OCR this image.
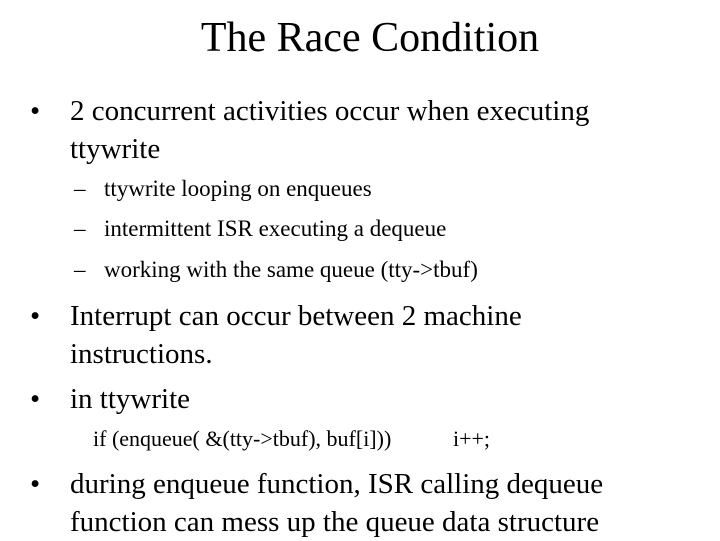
The Race Condition
•	2 concurrent activities occur when executing
ttywrite
– ttywrite looping on enqueues
– intermittent ISR executing a dequeue
– working with the same queue (tty->tbuf)
•	Interrupt can occur between 2 machine
instructions.
•	in ttywrite
if (enqueue( &(tty->tbuf), buf[i]))	i++;
•	during enqueue function, ISR calling dequeue
function can mess up the queue data structure
